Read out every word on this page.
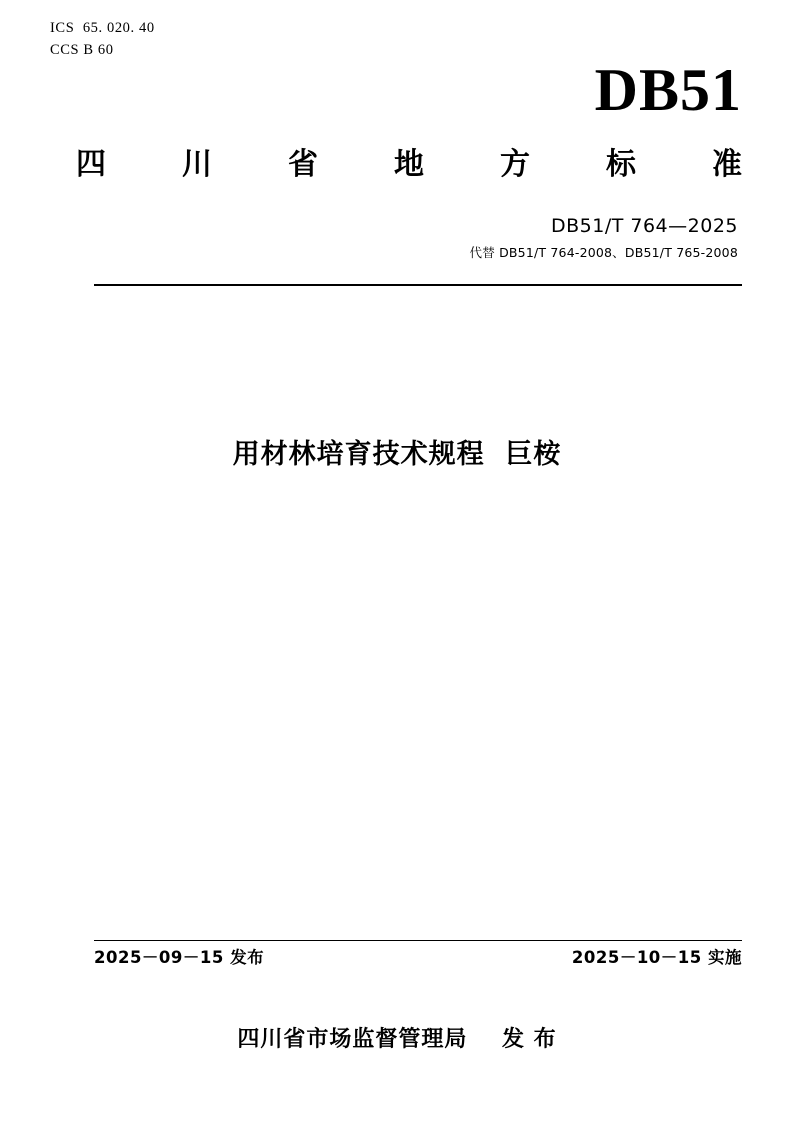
ICS  65. 020. 40
CCS B 60
DB51
四	川	省	地	方	标	准
DB51/T 764—2025
代替 DB51/T 764-2008、DB51/T 765-2008
用材林培育技术规程  巨桉
2025－09－15 发布	2025－10－15 实施
四川省市场监督管理局    发 布
